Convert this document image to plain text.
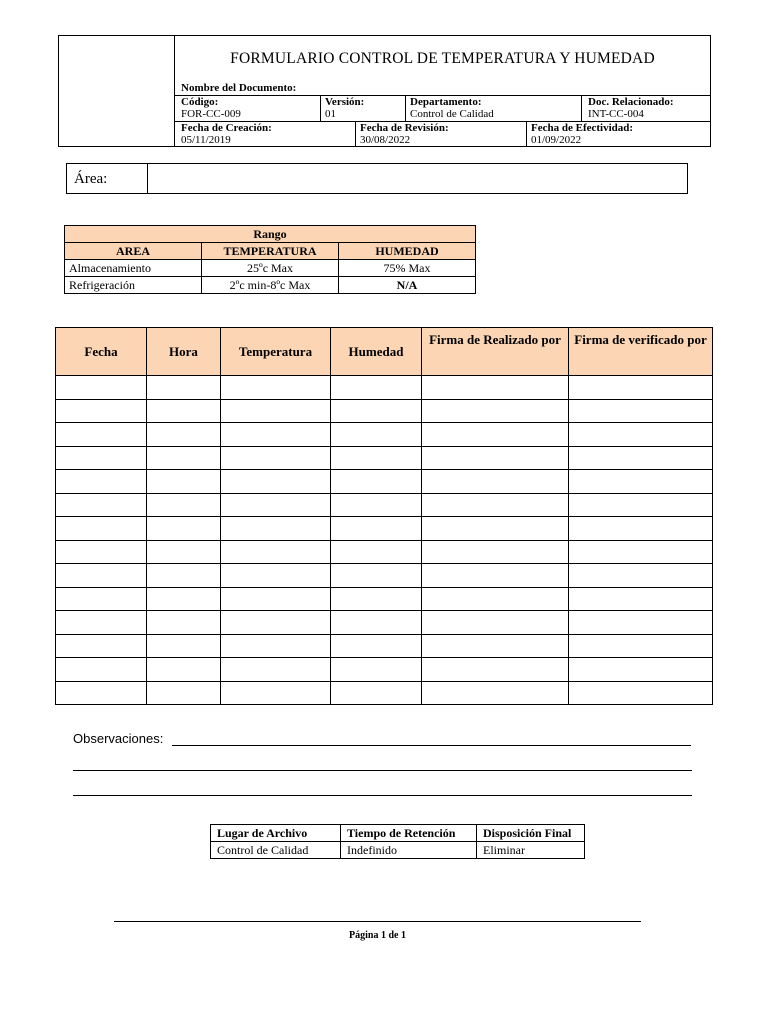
FORMULARIO CONTROL DE TEMPERATURA Y HUMEDAD
Nombre del Documento:
Código:
FOR-CC-009
Versión:
01
Departamento:
Control de Calidad
Doc. Relacionado:
INT-CC-004
Fecha de Creación:
05/11/2019
Fecha de Revisión:
30/08/2022
Fecha de Efectividad:
01/09/2022
Área:
Rango		
AREA	TEMPERATURA	HUMEDAD
Almacenamiento	25ºc Max	75% Max
Refrigeración	2ºc min-8ºc Max	N/A
Fecha	Hora	Temperatura	Humedad	Firma de Realizado por	Firma de verificado por

Observaciones:
Lugar de Archivo	Tiempo de Retención	Disposición Final
Control de Calidad	Indefinido	Eliminar
Página 1 de 1
